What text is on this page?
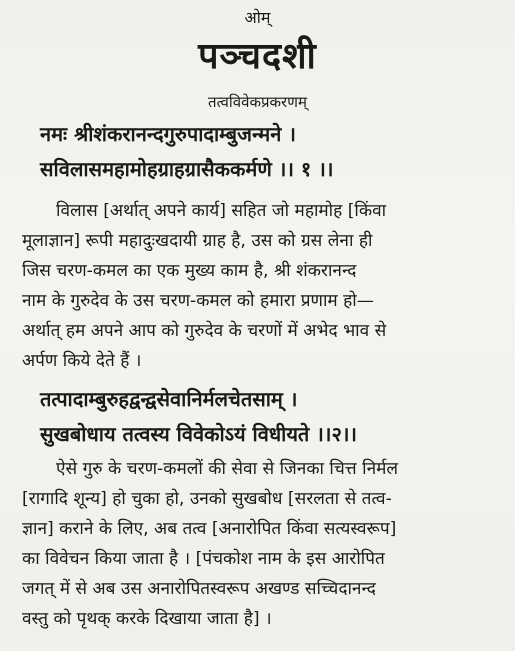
ओम्
पञ्चदशी
तत्वविवेकप्रकरणम्
नमः श्रीशंकरानन्दगुरुपादाम्बुजन्मने ।
सविलासमहामोहग्राहग्रासैककर्मणे ।। १ ।।
विलास [अर्थात् अपने कार्य] सहित जो महामोह [किंवा
मूलाज्ञान] रूपी महादुःखदायी ग्राह है, उस को ग्रस लेना ही
जिस चरण-कमल का एक मुख्य काम है, श्री शंकरानन्द
नाम के गुरुदेव के उस चरण-कमल को हमारा प्रणाम हो—
अर्थात् हम अपने आप को गुरुदेव के चरणों में अभेद भाव से
अर्पण किये देते हैं ।
तत्पादाम्बुरुहद्वन्द्वसेवानिर्मलचेतसाम् ।
सुखबोधाय तत्वस्य विवेकोऽयं विधीयते ।।२।।
ऐसे गुरु के चरण-कमलों की सेवा से जिनका चित्त निर्मल
[रागादि शून्य] हो चुका हो, उनको सुखबोध [सरलता से तत्व-
ज्ञान] कराने के लिए, अब तत्व [अनारोपित किंवा सत्यस्वरूप]
का विवेचन किया जाता है । [पंचकोश नाम के इस आरोपित
जगत् में से अब उस अनारोपितस्वरूप अखण्ड सच्चिदानन्द
वस्तु को पृथक् करके दिखाया जाता है] ।
